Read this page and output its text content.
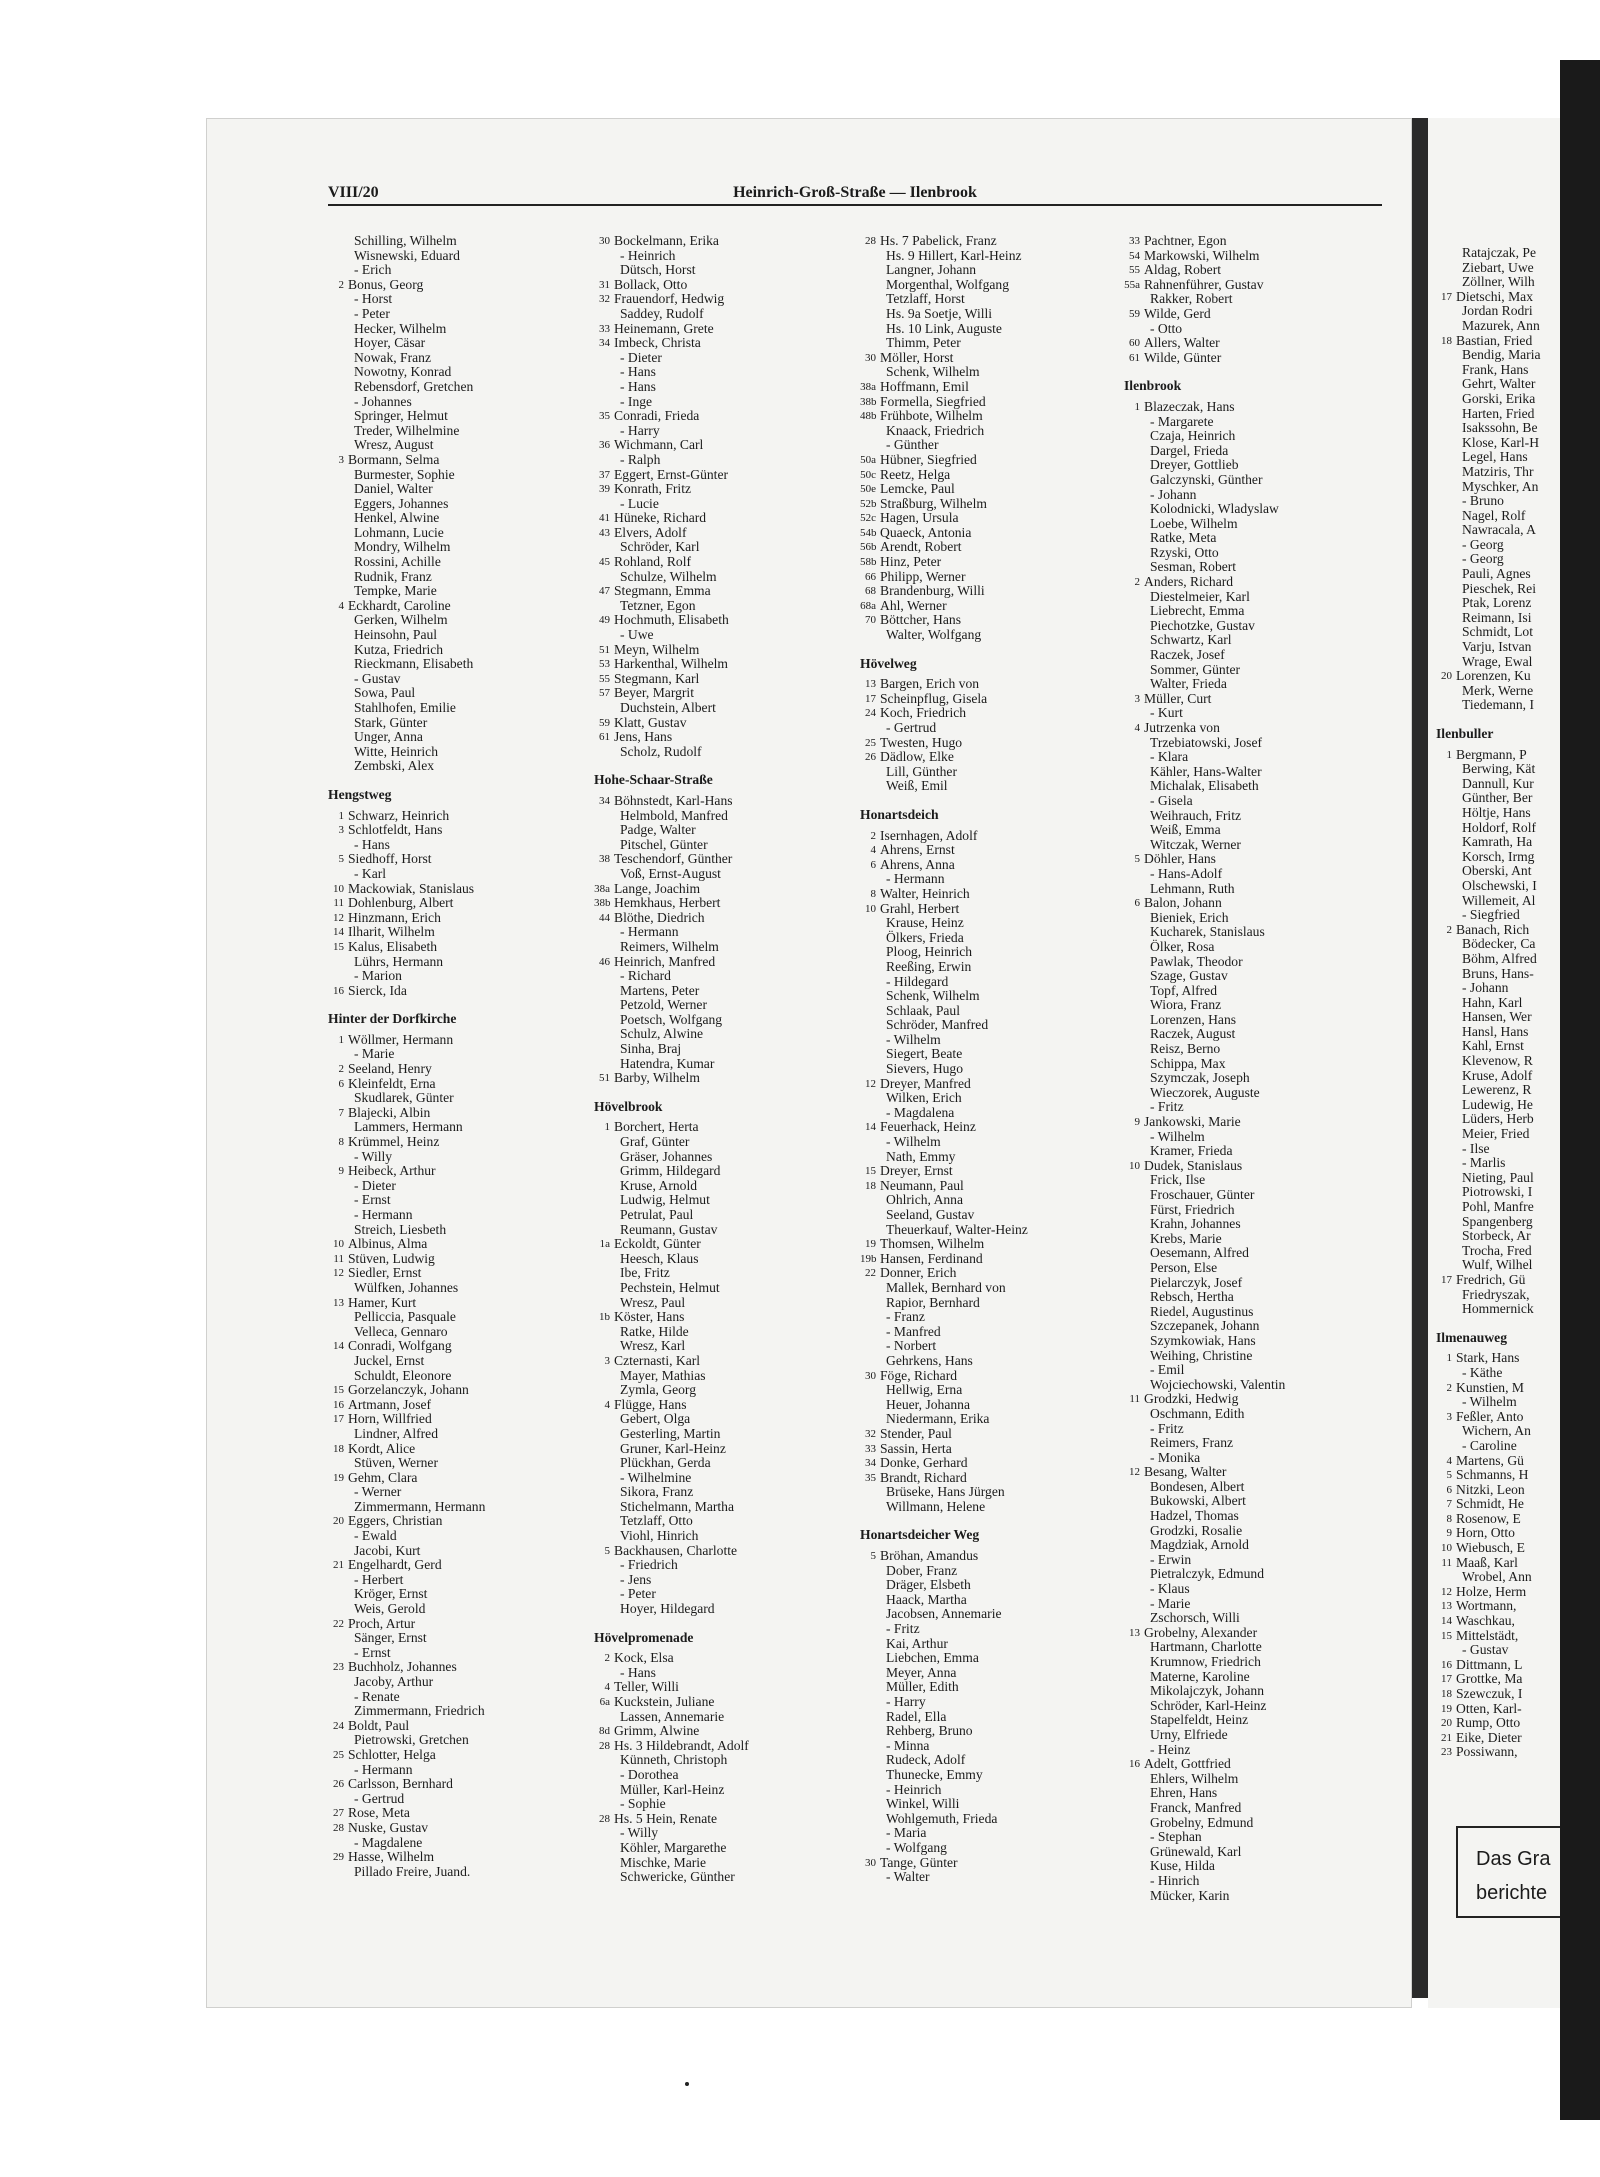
VIII/20	Heinrich-Groß-Straße — Ilenbrook
Schilling, Wilhelm
Wisnewski, Eduard
- Erich
2 Bonus, Georg
- Horst
- Peter
Hecker, Wilhelm
Hoyer, Cäsar
Nowak, Franz
Nowotny, Konrad
Rebensdorf, Gretchen
- Johannes
Springer, Helmut
Treder, Wilhelmine
Wresz, August
3 Bormann, Selma
Burmester, Sophie
Daniel, Walter
Eggers, Johannes
Henkel, Alwine
Lohmann, Lucie
Mondry, Wilhelm
Rossini, Achille
Rudnik, Franz
Tempke, Marie
4 Eckhardt, Caroline
Gerken, Wilhelm
Heinsohn, Paul
Kutza, Friedrich
Rieckmann, Elisabeth
- Gustav
Sowa, Paul
Stahlhofen, Emilie
Stark, Günter
Unger, Anna
Witte, Heinrich
Zembski, Alex
Hengstweg
1 Schwarz, Heinrich
3 Schlotfeldt, Hans
- Hans
5 Siedhoff, Horst
- Karl
10 Mackowiak, Stanislaus
11 Dohlenburg, Albert
12 Hinzmann, Erich
14 Ilharit, Wilhelm
15 Kalus, Elisabeth
Lührs, Hermann
- Marion
16 Sierck, Ida
Hinter der Dorfkirche
1 Wöllmer, Hermann
- Marie
2 Seeland, Henry
6 Kleinfeldt, Erna
Skudlarek, Günter
7 Blajecki, Albin
Lammers, Hermann
8 Krümmel, Heinz
- Willy
9 Heibeck, Arthur
- Dieter
- Ernst
- Hermann
Streich, Liesbeth
10 Albinus, Alma
11 Stüven, Ludwig
12 Siedler, Ernst
Wülfken, Johannes
13 Hamer, Kurt
Pelliccia, Pasquale
Velleca, Gennaro
14 Conradi, Wolfgang
Juckel, Ernst
Schuldt, Eleonore
15 Gorzelanczyk, Johann
16 Artmann, Josef
17 Horn, Willfried
Lindner, Alfred
18 Kordt, Alice
Stüven, Werner
19 Gehm, Clara
- Werner
Zimmermann, Hermann
20 Eggers, Christian
- Ewald
Jacobi, Kurt
21 Engelhardt, Gerd
- Herbert
Kröger, Ernst
Weis, Gerold
22 Proch, Artur
Sänger, Ernst
- Ernst
23 Buchholz, Johannes
Jacoby, Arthur
- Renate
Zimmermann, Friedrich
24 Boldt, Paul
Pietrowski, Gretchen
25 Schlotter, Helga
- Hermann
26 Carlsson, Bernhard
- Gertrud
27 Rose, Meta
28 Nuske, Gustav
- Magdalene
29 Hasse, Wilhelm
Pillado Freire, Juand.
30 Bockelmann, Erika
- Heinrich
Dütsch, Horst
31 Bollack, Otto
32 Frauendorf, Hedwig
Saddey, Rudolf
33 Heinemann, Grete
34 Imbeck, Christa
- Dieter
- Hans
- Hans
- Inge
35 Conradi, Frieda
- Harry
36 Wichmann, Carl
- Ralph
37 Eggert, Ernst-Günter
39 Konrath, Fritz
- Lucie
41 Hüneke, Richard
43 Elvers, Adolf
Schröder, Karl
45 Rohland, Rolf
Schulze, Wilhelm
47 Stegmann, Emma
Tetzner, Egon
49 Hochmuth, Elisabeth
- Uwe
51 Meyn, Wilhelm
53 Harkenthal, Wilhelm
55 Stegmann, Karl
57 Beyer, Margrit
Duchstein, Albert
59 Klatt, Gustav
61 Jens, Hans
Scholz, Rudolf
Hohe-Schaar-Straße
34 Böhnstedt, Karl-Hans
Helmbold, Manfred
Padge, Walter
Pitschel, Günter
38 Teschendorf, Günther
Voß, Ernst-August
38a Lange, Joachim
38b Hemkhaus, Herbert
44 Blöthe, Diedrich
- Hermann
Reimers, Wilhelm
46 Heinrich, Manfred
- Richard
Martens, Peter
Petzold, Werner
Poetsch, Wolfgang
Schulz, Alwine
Sinha, Braj
Hatendra, Kumar
51 Barby, Wilhelm
Hövelbrook
1 Borchert, Herta
Graf, Günter
Gräser, Johannes
Grimm, Hildegard
Kruse, Arnold
Ludwig, Helmut
Petrulat, Paul
Reumann, Gustav
1a Eckoldt, Günter
Heesch, Klaus
Ibe, Fritz
Pechstein, Helmut
Wresz, Paul
1b Köster, Hans
Ratke, Hilde
Wresz, Karl
3 Czternasti, Karl
Mayer, Mathias
Zymla, Georg
4 Flügge, Hans
Gebert, Olga
Gesterling, Martin
Gruner, Karl-Heinz
Plückhan, Gerda
- Wilhelmine
Sikora, Franz
Stichelmann, Martha
Tetzlaff, Otto
Viohl, Hinrich
5 Backhausen, Charlotte
- Friedrich
- Jens
- Peter
Hoyer, Hildegard
Hövelpromenade
2 Kock, Elsa
- Hans
4 Teller, Willi
6a Kuckstein, Juliane
Lassen, Annemarie
8d Grimm, Alwine
28 Hs. 3 Hildebrandt, Adolf
Künneth, Christoph
- Dorothea
Müller, Karl-Heinz
- Sophie
28 Hs. 5 Hein, Renate
- Willy
Köhler, Margarethe
Mischke, Marie
Schwericke, Günther
28 Hs. 7 Pabelick, Franz
Hs. 9 Hillert, Karl-Heinz
Langner, Johann
Morgenthal, Wolfgang
Tetzlaff, Horst
Hs. 9a Soetje, Willi
Hs. 10 Link, Auguste
Thimm, Peter
30 Möller, Horst
Schenk, Wilhelm
38a Hoffmann, Emil
38b Formella, Siegfried
48b Frühbote, Wilhelm
Knaack, Friedrich
- Günther
50a Hübner, Siegfried
50c Reetz, Helga
50e Lemcke, Paul
52b Straßburg, Wilhelm
52c Hagen, Ursula
54b Quaeck, Antonia
56b Arendt, Robert
58b Hinz, Peter
66 Philipp, Werner
68 Brandenburg, Willi
68a Ahl, Werner
70 Böttcher, Hans
Walter, Wolfgang
Hövelweg
13 Bargen, Erich von
17 Scheinpflug, Gisela
24 Koch, Friedrich
- Gertrud
25 Twesten, Hugo
26 Dädlow, Elke
Lill, Günther
Weiß, Emil
Honartsdeich
2 Isernhagen, Adolf
4 Ahrens, Ernst
6 Ahrens, Anna
- Hermann
8 Walter, Heinrich
10 Grahl, Herbert
Krause, Heinz
Ölkers, Frieda
Ploog, Heinrich
Reeßing, Erwin
- Hildegard
Schenk, Wilhelm
Schlaak, Paul
Schröder, Manfred
- Wilhelm
Siegert, Beate
Sievers, Hugo
12 Dreyer, Manfred
Wilken, Erich
- Magdalena
14 Feuerhack, Heinz
- Wilhelm
Nath, Emmy
15 Dreyer, Ernst
18 Neumann, Paul
Ohlrich, Anna
Seeland, Gustav
Theuerkauf, Walter-Heinz
19 Thomsen, Wilhelm
19b Hansen, Ferdinand
22 Donner, Erich
Mallek, Bernhard von
Rapior, Bernhard
- Franz
- Manfred
- Norbert
Gehrkens, Hans
30 Föge, Richard
Hellwig, Erna
Heuer, Johanna
Niedermann, Erika
32 Stender, Paul
33 Sassin, Herta
34 Donke, Gerhard
35 Brandt, Richard
Brüseke, Hans Jürgen
Willmann, Helene
Honartsdeicher Weg
5 Bröhan, Amandus
Dober, Franz
Dräger, Elsbeth
Haack, Martha
Jacobsen, Annemarie
- Fritz
Kai, Arthur
Liebchen, Emma
Meyer, Anna
Müller, Edith
- Harry
Radel, Ella
Rehberg, Bruno
- Minna
Rudeck, Adolf
Thunecke, Emmy
- Heinrich
Winkel, Willi
Wohlgemuth, Frieda
- Maria
- Wolfgang
30 Tange, Günter
- Walter
33 Pachtner, Egon
54 Markowski, Wilhelm
55 Aldag, Robert
55a Rahnenführer, Gustav
Rakker, Robert
59 Wilde, Gerd
- Otto
60 Allers, Walter
61 Wilde, Günter
Ilenbrook
1 Blazeczak, Hans
- Margarete
Czaja, Heinrich
Dargel, Frieda
Dreyer, Gottlieb
Galczynski, Günther
- Johann
Kolodnicki, Wladyslaw
Loebe, Wilhelm
Ratke, Meta
Rzyski, Otto
Sesman, Robert
2 Anders, Richard
Diestelmeier, Karl
Liebrecht, Emma
Piechotzke, Gustav
Schwartz, Karl
Raczek, Josef
Sommer, Günter
Walter, Frieda
3 Müller, Curt
- Kurt
4 Jutrzenka von
Trzebiatowski, Josef
- Klara
Kähler, Hans-Walter
Michalak, Elisabeth
- Gisela
Weihrauch, Fritz
Weiß, Emma
Witczak, Werner
5 Döhler, Hans
- Hans-Adolf
Lehmann, Ruth
6 Balon, Johann
Bieniek, Erich
Kucharek, Stanislaus
Ölker, Rosa
Pawlak, Theodor
Szage, Gustav
Topf, Alfred
Wiora, Franz
Lorenzen, Hans
Raczek, August
Reisz, Berno
Schippa, Max
Szymczak, Joseph
Wieczorek, Auguste
- Fritz
9 Jankowski, Marie
- Wilhelm
Kramer, Frieda
10 Dudek, Stanislaus
Frick, Ilse
Froschauer, Günter
Fürst, Friedrich
Krahn, Johannes
Krebs, Marie
Oesemann, Alfred
Person, Else
Pielarczyk, Josef
Rebsch, Hertha
Riedel, Augustinus
Szczepanek, Johann
Szymkowiak, Hans
Weihing, Christine
- Emil
Wojciechowski, Valentin
11 Grodzki, Hedwig
Oschmann, Edith
- Fritz
Reimers, Franz
- Monika
12 Besang, Walter
Bondesen, Albert
Bukowski, Albert
Hadzel, Thomas
Grodzki, Rosalie
Magdziak, Arnold
- Erwin
Pietralczyk, Edmund
- Klaus
- Marie
Zschorsch, Willi
13 Grobelny, Alexander
Hartmann, Charlotte
Krumnow, Friedrich
Materne, Karoline
Mikolajczyk, Johann
Schröder, Karl-Heinz
Stapelfeldt, Heinz
Urny, Elfriede
- Heinz
16 Adelt, Gottfried
Ehlers, Wilhelm
Ehren, Hans
Franck, Manfred
Grobelny, Edmund
- Stephan
Grünewald, Karl
Kuse, Hilda
- Hinrich
Mücker, Karin
Ratajczak, Pe
Ziebart, Uwe
Zöllner, Wilh
17 Dietschi, Max
Jordan Rodri
Mazurek, Ann
18 Bastian, Fried
Bendig, Maria
Frank, Hans
Gehrt, Walter
Gorski, Erika
Harten, Fried
Isakssohn, Be
Klose, Karl-H
Legel, Hans
Matziris, Thr
Myschker, An
- Bruno
Nagel, Rolf
Nawracala, A
- Georg
- Georg
Pauli, Agnes
Pieschek, Rei
Ptak, Lorenz
Reimann, Isi
Schmidt, Lot
Varju, Istvan
Wrage, Ewal
20 Lorenzen, Ku
Merk, Werne
Tiedemann, I
Ilenbuller
1 Bergmann, P
Berwing, Kät
Dannull, Kur
Günther, Ber
Höltje, Hans
Holdorf, Rolf
Kamrath, Ha
Korsch, Irmg
Oberski, Ant
Olschewski, I
Willemeit, Al
- Siegfried
2 Banach, Rich
Bödecker, Ca
Böhm, Alfred
Bruns, Hans-
- Johann
Hahn, Karl
Hansen, Wer
Hansl, Hans
Kahl, Ernst
Klevenow, R
Kruse, Adolf
Lewerenz, R
Ludewig, He
Lüders, Herb
Meier, Fried
- Ilse
- Marlis
Nieting, Paul
Piotrowski, I
Pohl, Manfre
Spangenberg
Storbeck, Ar
Trocha, Fred
Wulf, Wilhel
17 Fredrich, Gü
Friedryszak,
Hommernick
Ilmenauweg
1 Stark, Hans
- Käthe
2 Kunstien, M
- Wilhelm
3 Feßler, Anto
Wichern, An
- Caroline
4 Martens, Gü
5 Schmanns, H
6 Nitzki, Leon
7 Schmidt, He
8 Rosenow, E
9 Horn, Otto
10 Wiebusch, E
11 Maaß, Karl
Wrobel, Ann
12 Holze, Herm
13 Wortmann,
14 Waschkau,
15 Mittelstädt,
- Gustav
16 Dittmann, L
17 Grottke, Ma
18 Szewczuk, I
19 Otten, Karl-
20 Rump, Otto
21 Eike, Dieter
23 Possiwann,
Das Gra
berichte
